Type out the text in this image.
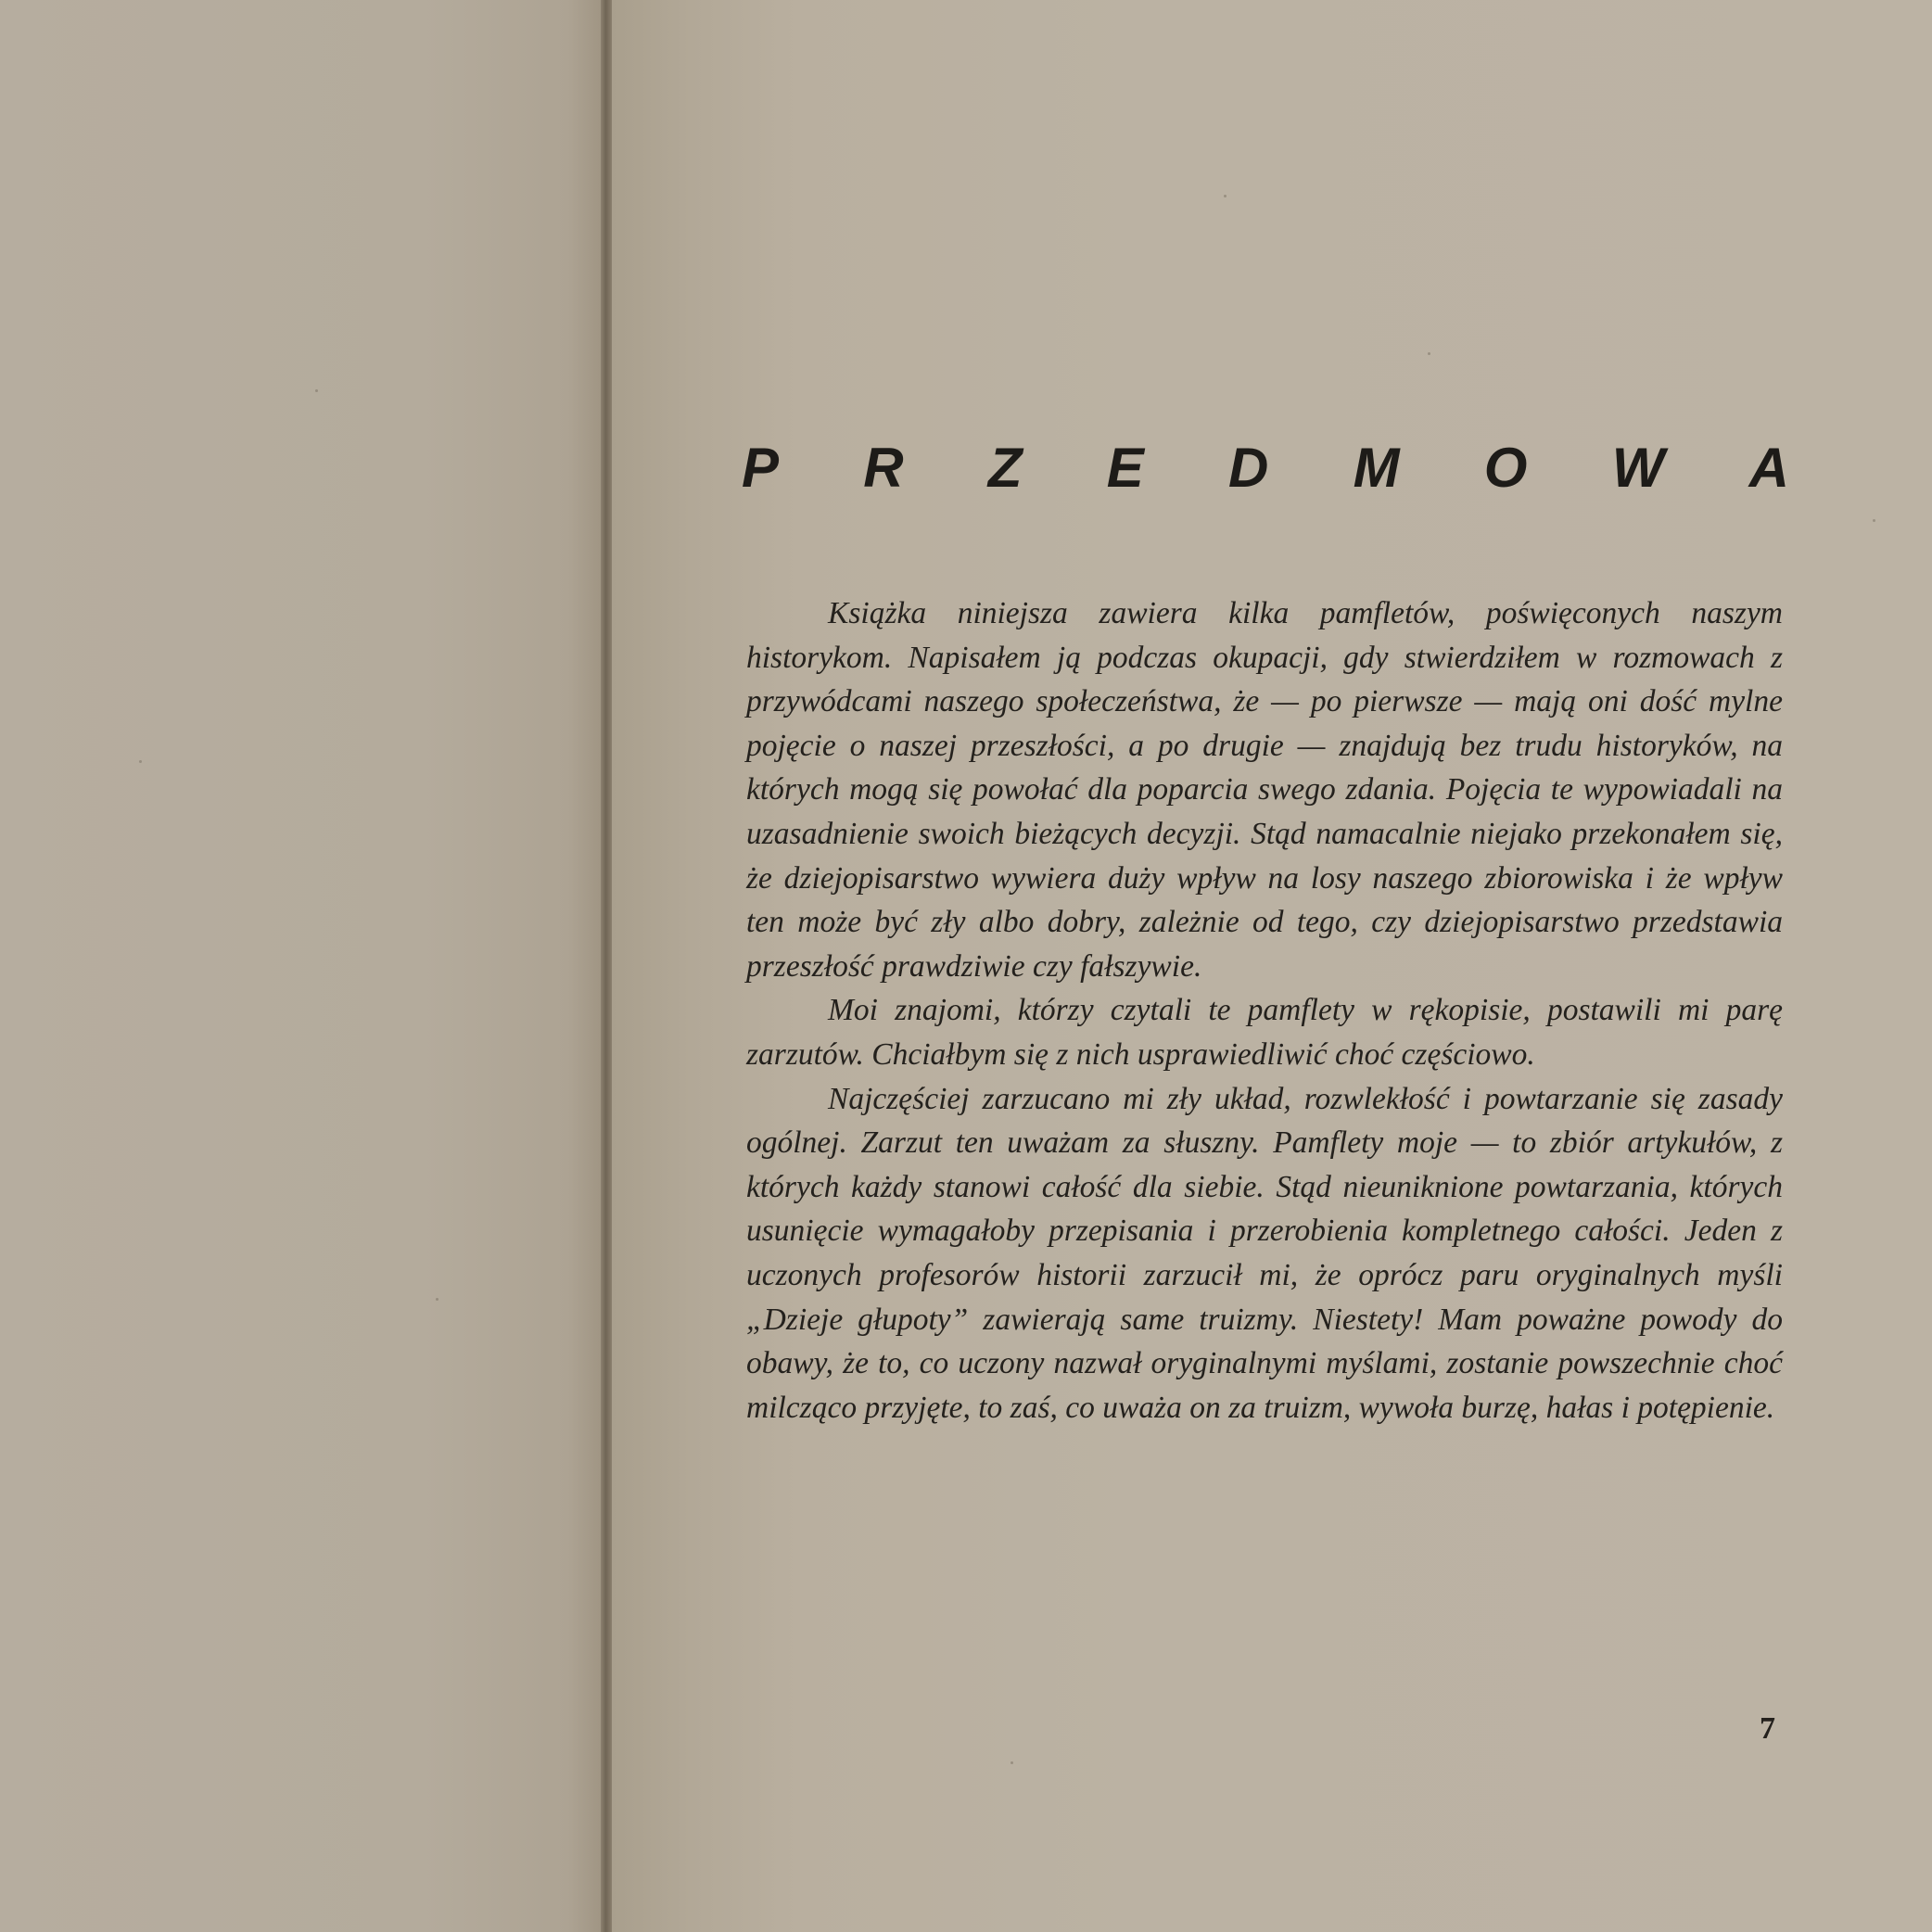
P R Z E D M O W A

Książka niniejsza zawiera kilka pamfletów, poświęconych naszym historykom. Napisałem ją podczas okupacji, gdy stwierdziłem w rozmowach z przywódcami naszego społeczeństwa, że — po pierwsze — mają oni dość mylne pojęcie o naszej przeszłości, a po drugie — znajdują bez trudu historyków, na których mogą się powołać dla poparcia swego zdania. Pojęcia te wypowiadali na uzasadnienie swoich bieżących decyzji. Stąd namacalnie niejako przekonałem się, że dziejopisarstwo wywiera duży wpływ na losy naszego zbiorowiska i że wpływ ten może być zły albo dobry, zależnie od tego, czy dziejopisarstwo przedstawia przeszłość prawdziwie czy fałszywie.

Moi znajomi, którzy czytali te pamflety w rękopisie, postawili mi parę zarzutów. Chciałbym się z nich usprawiedliwić choć częściowo.

Najczęściej zarzucano mi zły układ, rozwlekłość i powtarzanie się zasady ogólnej. Zarzut ten uważam za słuszny. Pamflety moje — to zbiór artykułów, z których każdy stanowi całość dla siebie. Stąd nieuniknione powtarzania, których usunięcie wymagałoby przepisania i przerobienia kompletnego całości. Jeden z uczonych profesorów historii zarzucił mi, że oprócz paru oryginalnych myśli „Dzieje głupoty” zawierają same truizmy. Niestety! Mam poważne powody do obawy, że to, co uczony nazwał oryginalnymi myślami, zostanie powszechnie choć milcząco przyjęte, to zaś, co uważa on za truizm, wywoła burzę, hałas i potępienie.

7
